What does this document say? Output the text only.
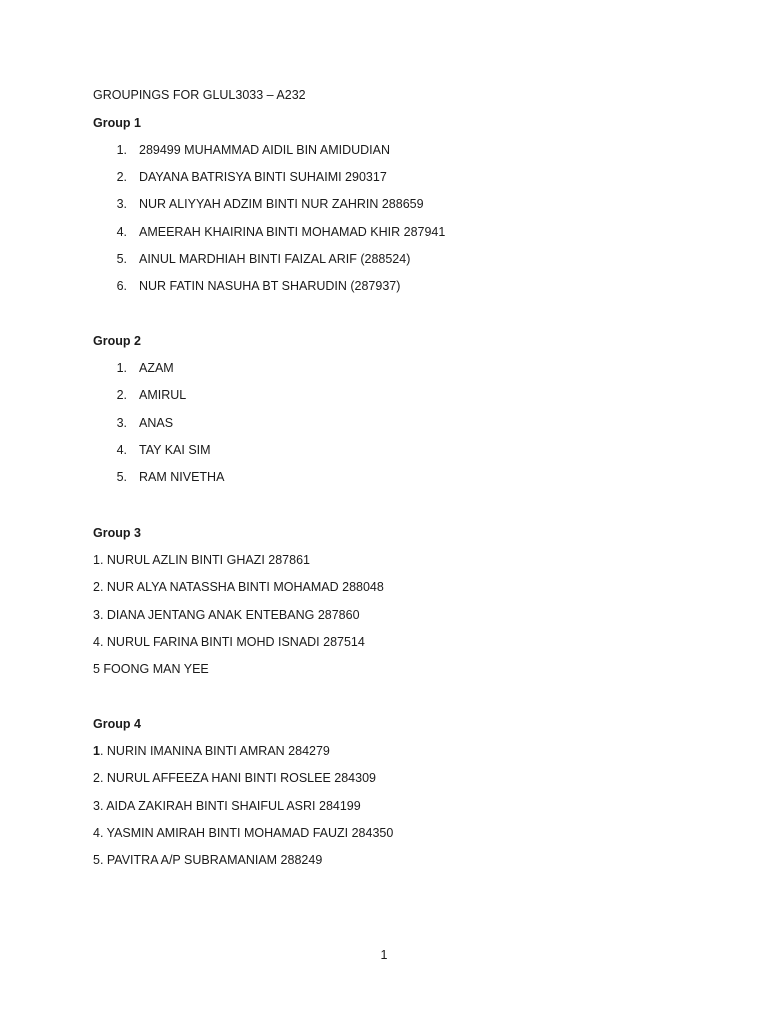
GROUPINGS FOR GLUL3033 – A232
Group 1
1. 289499 MUHAMMAD AIDIL BIN AMIDUDIAN
2. DAYANA BATRISYA BINTI SUHAIMI 290317
3. NUR ALIYYAH ADZIM BINTI NUR ZAHRIN 288659
4. AMEERAH KHAIRINA BINTI MOHAMAD KHIR 287941
5. AINUL MARDHIAH BINTI FAIZAL ARIF (288524)
6. NUR FATIN NASUHA BT SHARUDIN (287937)
Group 2
1. AZAM
2. AMIRUL
3. ANAS
4. TAY KAI SIM
5. RAM NIVETHA
Group 3
1. NURUL AZLIN BINTI GHAZI 287861
2. NUR ALYA NATASSHA BINTI MOHAMAD 288048
3. DIANA JENTANG ANAK ENTEBANG 287860
4. NURUL FARINA BINTI MOHD ISNADI 287514
5 FOONG MAN YEE
Group 4
1. NURIN IMANINA BINTI AMRAN 284279
2. NURUL AFFEEZA HANI BINTI ROSLEE 284309
3. AIDA ZAKIRAH BINTI SHAIFUL ASRI 284199
4. YASMIN AMIRAH BINTI MOHAMAD FAUZI 284350
5. PAVITRA A/P SUBRAMANIAM 288249
1
